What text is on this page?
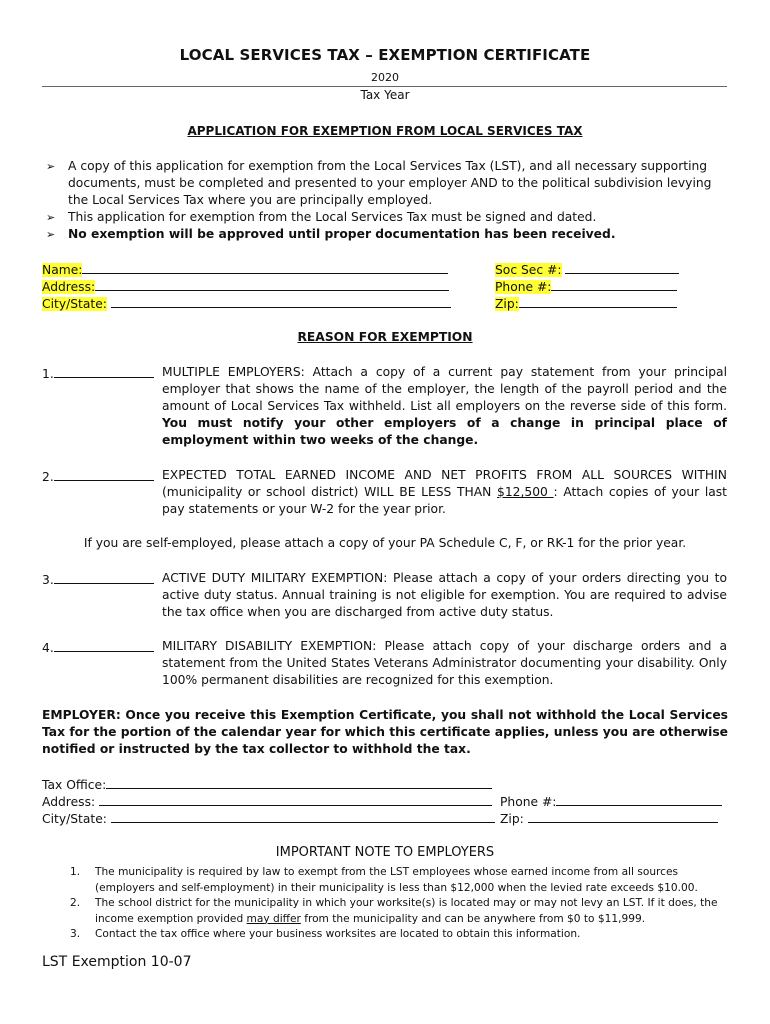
LOCAL SERVICES TAX – EXEMPTION CERTIFICATE
2020
Tax Year
APPLICATION FOR EXEMPTION FROM LOCAL SERVICES TAX
➢ A copy of this application for exemption from the Local Services Tax (LST), and all necessary supporting documents, must be completed and presented to your employer AND to the political subdivision levying the Local Services Tax where you are principally employed.
➢ This application for exemption from the Local Services Tax must be signed and dated.
➢ No exemption will be approved until proper documentation has been received.
Name:
Address:
City/State:
Soc Sec #:
Phone #:
Zip:
REASON FOR EXEMPTION
1.	MULTIPLE EMPLOYERS: Attach a copy of a current pay statement from your principal employer that shows the name of the employer, the length of the payroll period and the amount of Local Services Tax withheld. List all employers on the reverse side of this form. You must notify your other employers of a change in principal place of employment within two weeks of the change.
2.	EXPECTED TOTAL EARNED INCOME AND NET PROFITS FROM ALL SOURCES WITHIN (municipality or school district) WILL BE LESS THAN $12,500 : Attach copies of your last pay statements or your W-2 for the year prior.
If you are self-employed, please attach a copy of your PA Schedule C, F, or RK-1 for the prior year.
3.	ACTIVE DUTY MILITARY EXEMPTION: Please attach a copy of your orders directing you to active duty status. Annual training is not eligible for exemption. You are required to advise the tax office when you are discharged from active duty status.
4.	MILITARY DISABILITY EXEMPTION: Please attach copy of your discharge orders and a statement from the United States Veterans Administrator documenting your disability. Only 100% permanent disabilities are recognized for this exemption.
EMPLOYER: Once you receive this Exemption Certificate, you shall not withhold the Local Services Tax for the portion of the calendar year for which this certificate applies, unless you are otherwise notified or instructed by the tax collector to withhold the tax.
Tax Office:
Address:
City/State:
Phone #:
Zip:
IMPORTANT NOTE TO EMPLOYERS
1. The municipality is required by law to exempt from the LST employees whose earned income from all sources (employers and self-employment) in their municipality is less than $12,000 when the levied rate exceeds $10.00.
2. The school district for the municipality in which your worksite(s) is located may or may not levy an LST. If it does, the income exemption provided may differ from the municipality and can be anywhere from $0 to $11,999.
3. Contact the tax office where your business worksites are located to obtain this information.
LST Exemption 10-07
